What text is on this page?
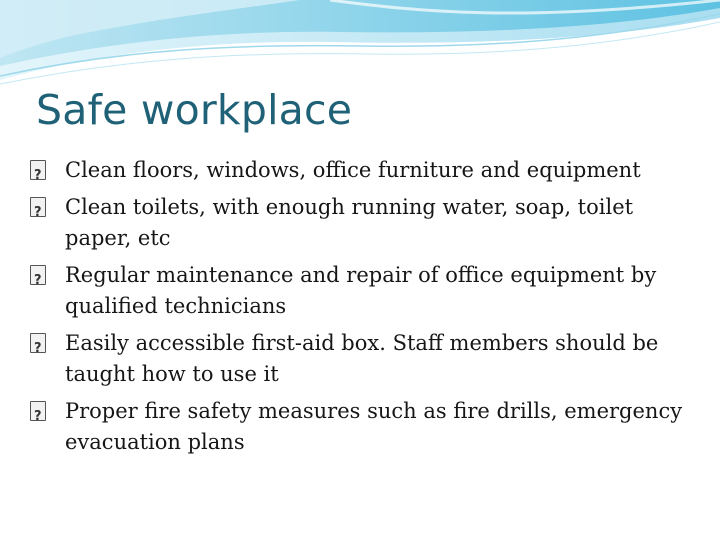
Safe workplace
?
Clean floors, windows, office furniture and equipment
?
Clean toilets, with enough running water, soap, toilet paper, etc
?
Regular maintenance and repair of office equipment by qualified technicians
?
Easily accessible first-aid box. Staff members should be taught how to use it
?
Proper fire safety measures such as fire drills, emergency evacuation plans
